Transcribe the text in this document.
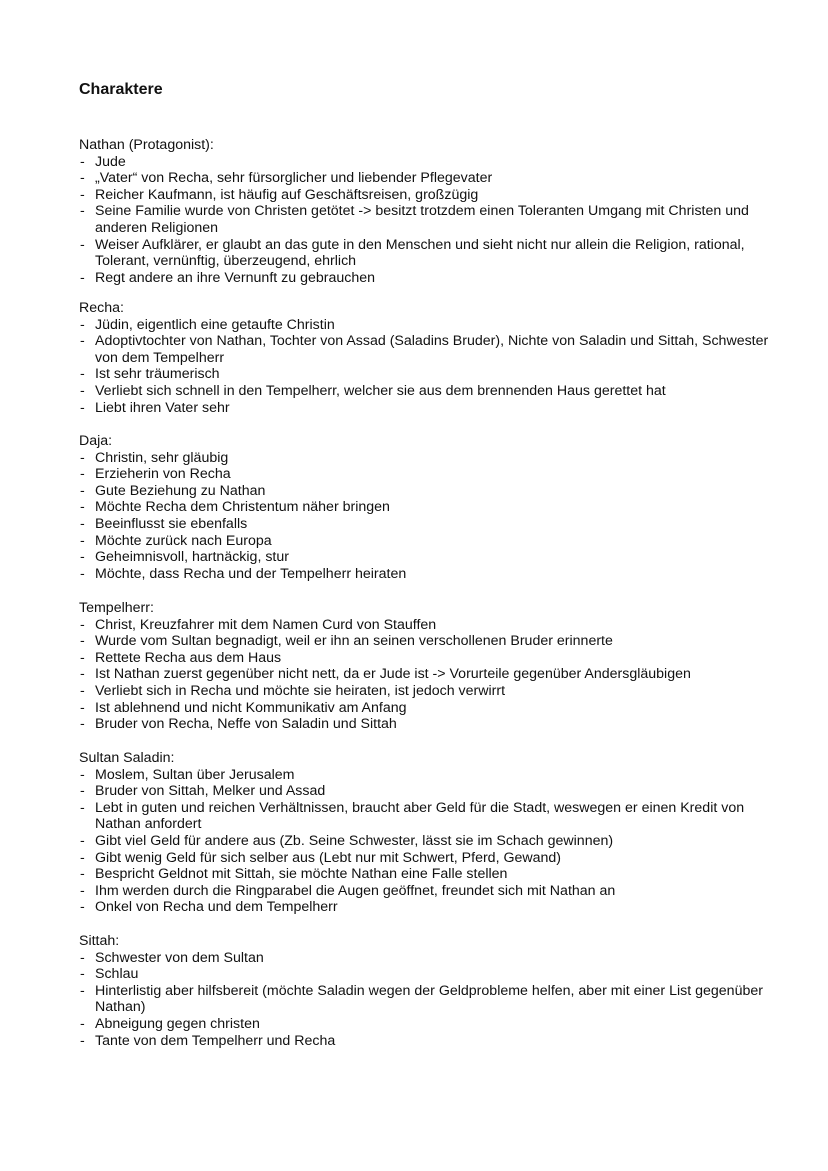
Charaktere
Nathan (Protagonist):
- Jude
- „Vater“ von Recha, sehr fürsorglicher und liebender Pflegevater
- Reicher Kaufmann, ist häufig auf Geschäftsreisen, großzügig
- Seine Familie wurde von Christen getötet -> besitzt trotzdem einen Toleranten Umgang mit Christen und anderen Religionen
- Weiser Aufklärer, er glaubt an das gute in den Menschen und sieht nicht nur allein die Religion, rational, Tolerant, vernünftig, überzeugend, ehrlich
- Regt andere an ihre Vernunft zu gebrauchen
Recha:
- Jüdin, eigentlich eine getaufte Christin
- Adoptivtochter von Nathan, Tochter von Assad (Saladins Bruder), Nichte von Saladin und Sittah, Schwester von dem Tempelherr
- Ist sehr träumerisch
- Verliebt sich schnell in den Tempelherr, welcher sie aus dem brennenden Haus gerettet hat
- Liebt ihren Vater sehr
Daja:
- Christin, sehr gläubig
- Erzieherin von Recha
- Gute Beziehung zu Nathan
- Möchte Recha dem Christentum näher bringen
- Beeinflusst sie ebenfalls
- Möchte zurück nach Europa
- Geheimnisvoll, hartnäckig, stur
- Möchte, dass Recha und der Tempelherr heiraten
Tempelherr:
- Christ, Kreuzfahrer mit dem Namen Curd von Stauffen
- Wurde vom Sultan begnadigt, weil er ihn an seinen verschollenen Bruder erinnerte
- Rettete Recha aus dem Haus
- Ist Nathan zuerst gegenüber nicht nett, da er Jude ist -> Vorurteile gegenüber Andersgläubigen
- Verliebt sich in Recha und möchte sie heiraten, ist jedoch verwirrt
- Ist ablehnend und nicht Kommunikativ am Anfang
- Bruder von Recha, Neffe von Saladin und Sittah
Sultan Saladin:
- Moslem, Sultan über Jerusalem
- Bruder von Sittah, Melker und Assad
- Lebt in guten und reichen Verhältnissen, braucht aber Geld für die Stadt, weswegen er einen Kredit von Nathan anfordert
- Gibt viel Geld für andere aus (Zb. Seine Schwester, lässt sie im Schach gewinnen)
- Gibt wenig Geld für sich selber aus (Lebt nur mit Schwert, Pferd, Gewand)
- Bespricht Geldnot mit Sittah, sie möchte Nathan eine Falle stellen
- Ihm werden durch die Ringparabel die Augen geöffnet, freundet sich mit Nathan an
- Onkel von Recha und dem Tempelherr
Sittah:
- Schwester von dem Sultan
- Schlau
- Hinterlistig aber hilfsbereit (möchte Saladin wegen der Geldprobleme helfen, aber mit einer List gegenüber Nathan)
- Abneigung gegen christen
- Tante von dem Tempelherr und Recha
